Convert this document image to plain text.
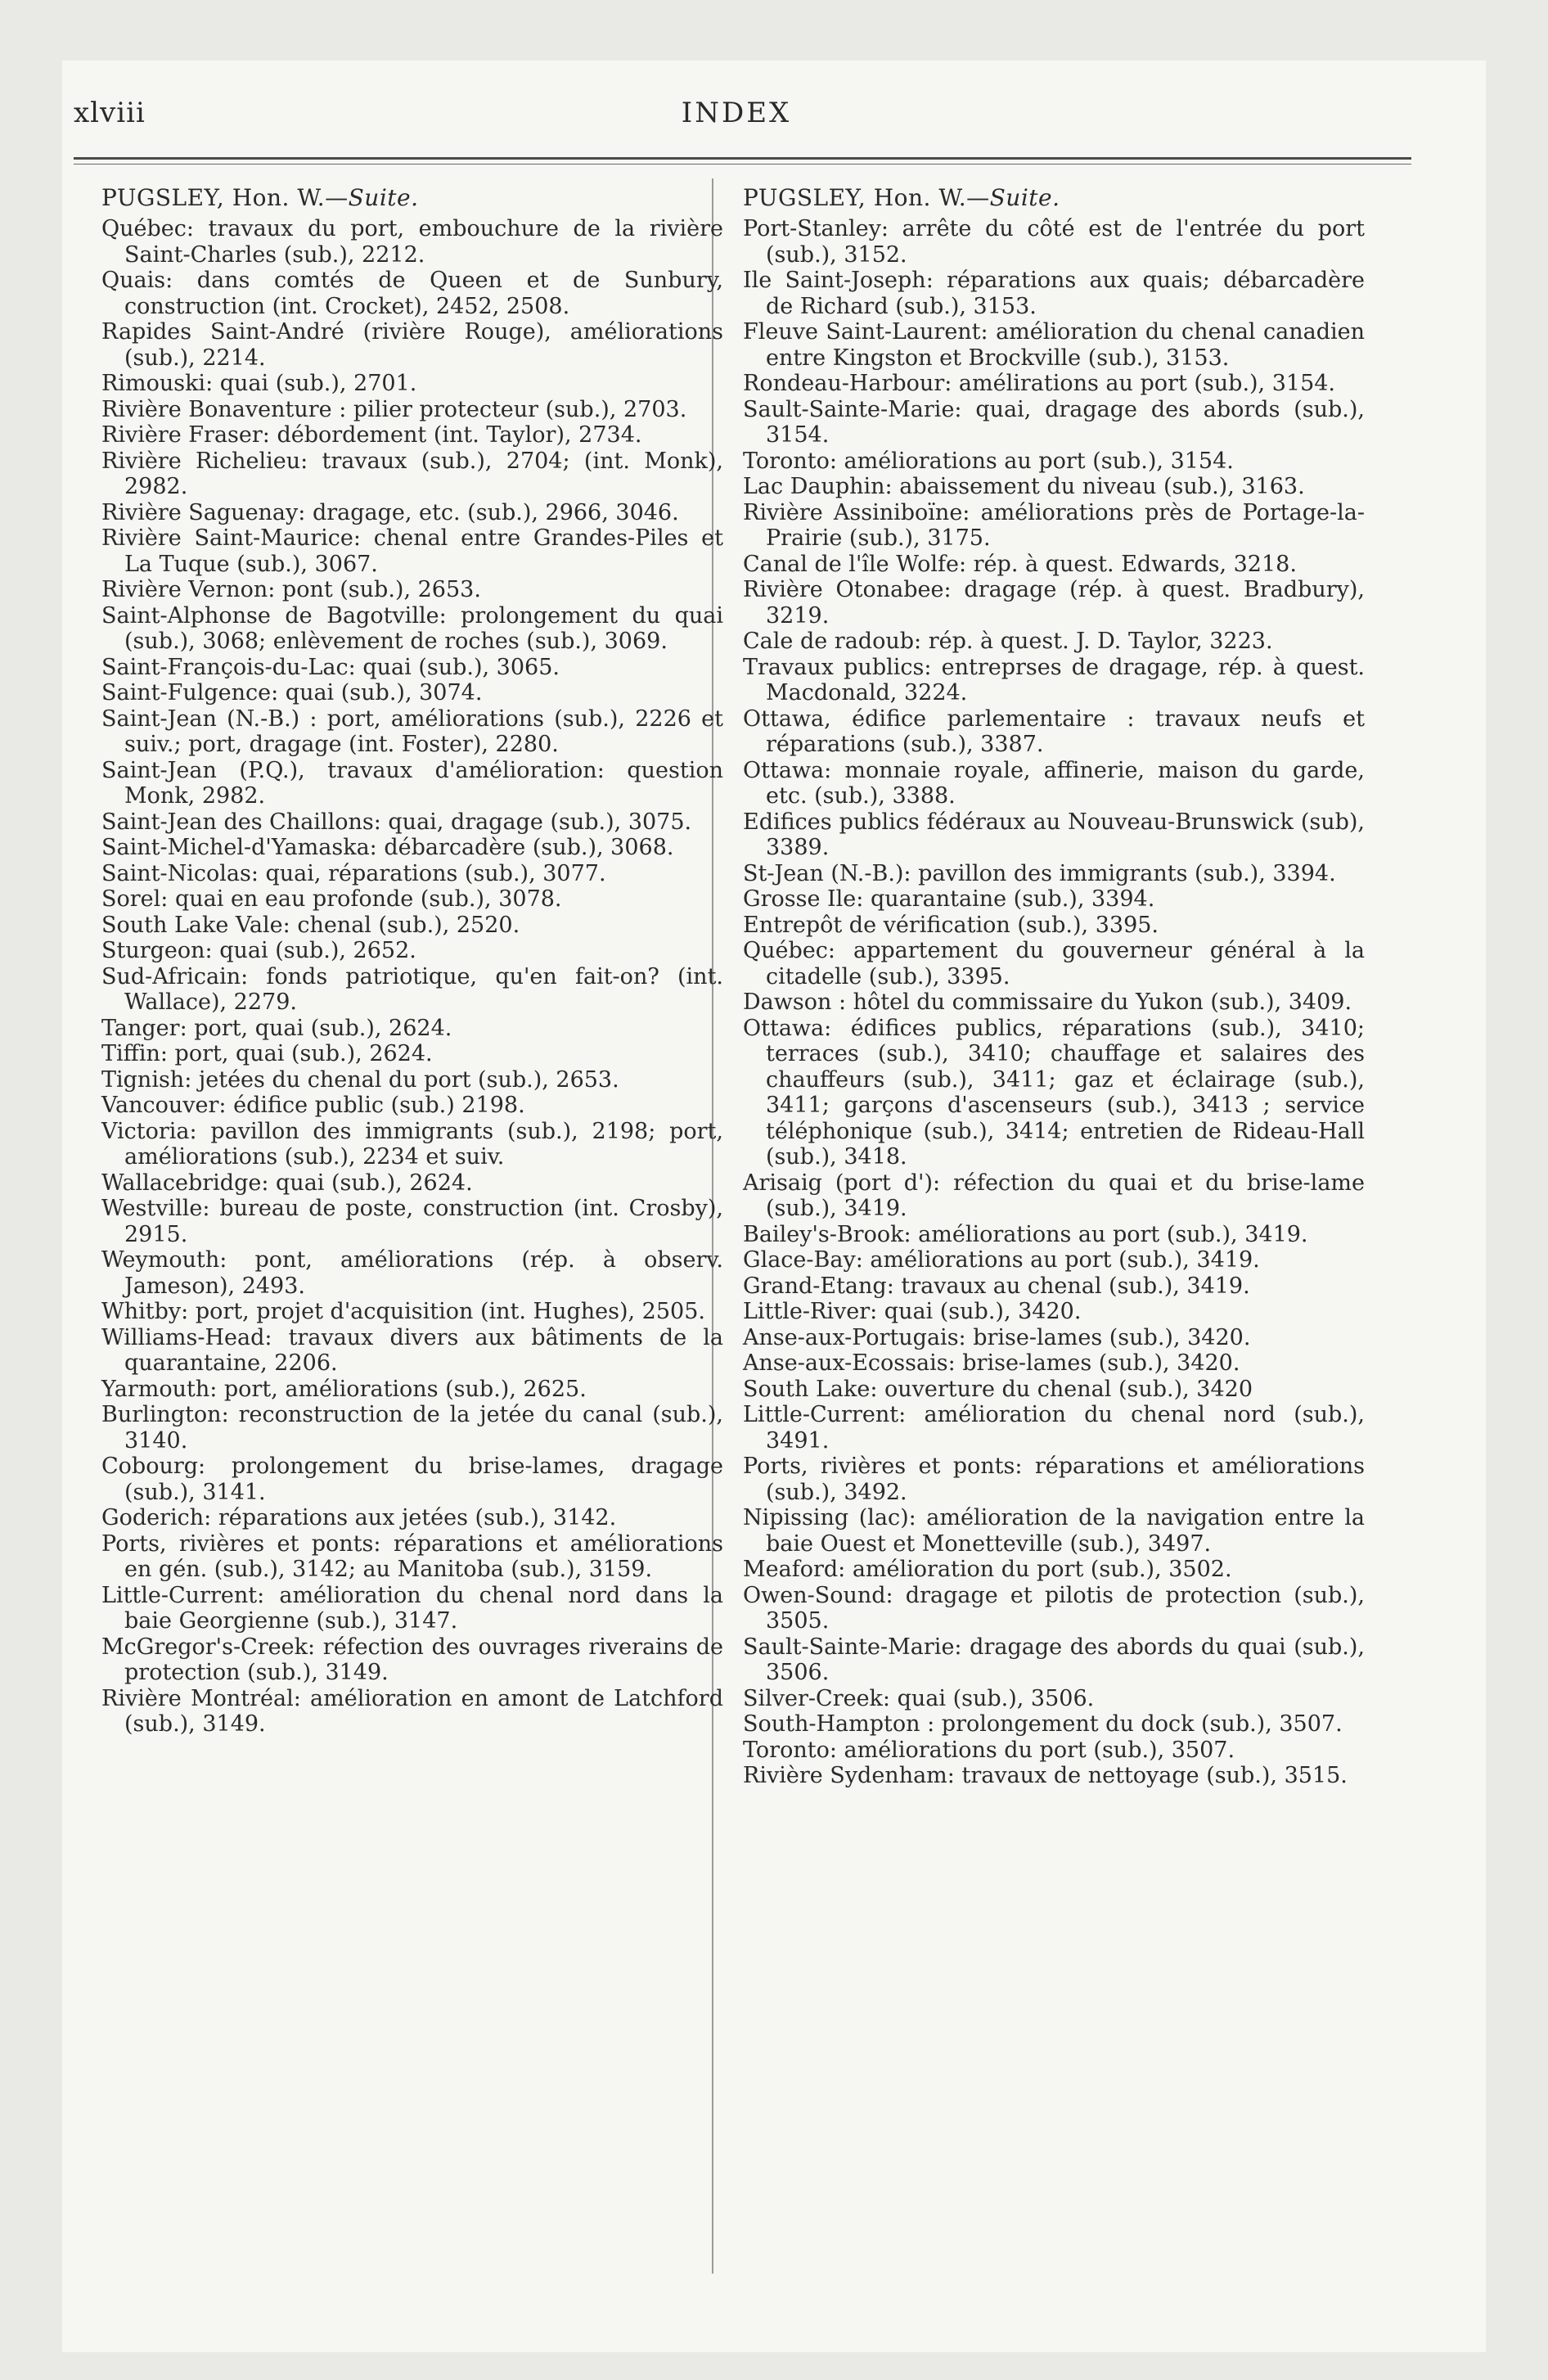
xlviii	INDEX
PUGSLEY, Hon. W.—Suite.
Québec: travaux du port, embouchure de la rivière Saint-Charles (sub.), 2212.
Quais: dans comtés de Queen et de Sunbury, construction (int. Crocket), 2452, 2508.
Rapides Saint-André (rivière Rouge), améliorations (sub.), 2214.
Rimouski: quai (sub.), 2701.
Rivière Bonaventure : pilier protecteur (sub.), 2703.
Rivière Fraser: débordement (int. Taylor), 2734.
Rivière Richelieu: travaux (sub.), 2704; (int. Monk), 2982.
Rivière Saguenay: dragage, etc. (sub.), 2966, 3046.
Rivière Saint-Maurice: chenal entre Grandes-Piles et La Tuque (sub.), 3067.
Rivière Vernon: pont (sub.), 2653.
Saint-Alphonse de Bagotville: prolongement du quai (sub.), 3068; enlèvement de roches (sub.), 3069.
Saint-François-du-Lac: quai (sub.), 3065.
Saint-Fulgence: quai (sub.), 3074.
Saint-Jean (N.-B.) : port, améliorations (sub.), 2226 et suiv.; port, dragage (int. Foster), 2280.
Saint-Jean (P.Q.), travaux d'amélioration: question Monk, 2982.
Saint-Jean des Chaillons: quai, dragage (sub.), 3075.
Saint-Michel-d'Yamaska: débarcadère (sub.), 3068.
Saint-Nicolas: quai, réparations (sub.), 3077.
Sorel: quai en eau profonde (sub.), 3078.
South Lake Vale: chenal (sub.), 2520.
Sturgeon: quai (sub.), 2652.
Sud-Africain: fonds patriotique, qu'en fait-on? (int. Wallace), 2279.
Tanger: port, quai (sub.), 2624.
Tiffin: port, quai (sub.), 2624.
Tignish: jetées du chenal du port (sub.), 2653.
Vancouver: édifice public (sub.) 2198.
Victoria: pavillon des immigrants (sub.), 2198; port, améliorations (sub.), 2234 et suiv.
Wallacebridge: quai (sub.), 2624.
Westville: bureau de poste, construction (int. Crosby), 2915.
Weymouth: pont, améliorations (rép. à observ. Jameson), 2493.
Whitby: port, projet d'acquisition (int. Hughes), 2505.
Williams-Head: travaux divers aux bâtiments de la quarantaine, 2206.
Yarmouth: port, améliorations (sub.), 2625.
Burlington: reconstruction de la jetée du canal (sub.), 3140.
Cobourg: prolongement du brise-lames, dragage (sub.), 3141.
Goderich: réparations aux jetées (sub.), 3142.
Ports, rivières et ponts: réparations et améliorations en gén. (sub.), 3142; au Manitoba (sub.), 3159.
Little-Current: amélioration du chenal nord dans la baie Georgienne (sub.), 3147.
McGregor's-Creek: réfection des ouvrages riverains de protection (sub.), 3149.
Rivière Montréal: amélioration en amont de Latchford (sub.), 3149.
PUGSLEY, Hon. W.—Suite.
Port-Stanley: arrête du côté est de l'entrée du port (sub.), 3152.
Ile Saint-Joseph: réparations aux quais; débarcadère de Richard (sub.), 3153.
Fleuve Saint-Laurent: amélioration du chenal canadien entre Kingston et Brockville (sub.), 3153.
Rondeau-Harbour: amélirations au port (sub.), 3154.
Sault-Sainte-Marie: quai, dragage des abords (sub.), 3154.
Toronto: améliorations au port (sub.), 3154.
Lac Dauphin: abaissement du niveau (sub.), 3163.
Rivière Assiniboïne: améliorations près de Portage-la-Prairie (sub.), 3175.
Canal de l'île Wolfe: rép. à quest. Edwards, 3218.
Rivière Otonabee: dragage (rép. à quest. Bradbury), 3219.
Cale de radoub: rép. à quest. J. D. Taylor, 3223.
Travaux publics: entreprses de dragage, rép. à quest. Macdonald, 3224.
Ottawa, édifice parlementaire : travaux neufs et réparations (sub.), 3387.
Ottawa: monnaie royale, affinerie, maison du garde, etc. (sub.), 3388.
Edifices publics fédéraux au Nouveau-Brunswick (sub), 3389.
St-Jean (N.-B.): pavillon des immigrants (sub.), 3394.
Grosse Ile: quarantaine (sub.), 3394.
Entrepôt de vérification (sub.), 3395.
Québec: appartement du gouverneur général à la citadelle (sub.), 3395.
Dawson : hôtel du commissaire du Yukon (sub.), 3409.
Ottawa: édifices publics, réparations (sub.), 3410; terraces (sub.), 3410; chauffage et salaires des chauffeurs (sub.), 3411; gaz et éclairage (sub.), 3411; garçons d'ascenseurs (sub.), 3413 ; service téléphonique (sub.), 3414; entretien de Rideau-Hall (sub.), 3418.
Arisaig (port d'): réfection du quai et du brise-lame (sub.), 3419.
Bailey's-Brook: améliorations au port (sub.), 3419.
Glace-Bay: améliorations au port (sub.), 3419.
Grand-Etang: travaux au chenal (sub.), 3419.
Little-River: quai (sub.), 3420.
Anse-aux-Portugais: brise-lames (sub.), 3420.
Anse-aux-Ecossais: brise-lames (sub.), 3420.
South Lake: ouverture du chenal (sub.), 3420
Little-Current: amélioration du chenal nord (sub.), 3491.
Ports, rivières et ponts: réparations et améliorations (sub.), 3492.
Nipissing (lac): amélioration de la navigation entre la baie Ouest et Monetteville (sub.), 3497.
Meaford: amélioration du port (sub.), 3502.
Owen-Sound: dragage et pilotis de protection (sub.), 3505.
Sault-Sainte-Marie: dragage des abords du quai (sub.), 3506.
Silver-Creek: quai (sub.), 3506.
South-Hampton : prolongement du dock (sub.), 3507.
Toronto: améliorations du port (sub.), 3507.
Rivière Sydenham: travaux de nettoyage (sub.), 3515.
